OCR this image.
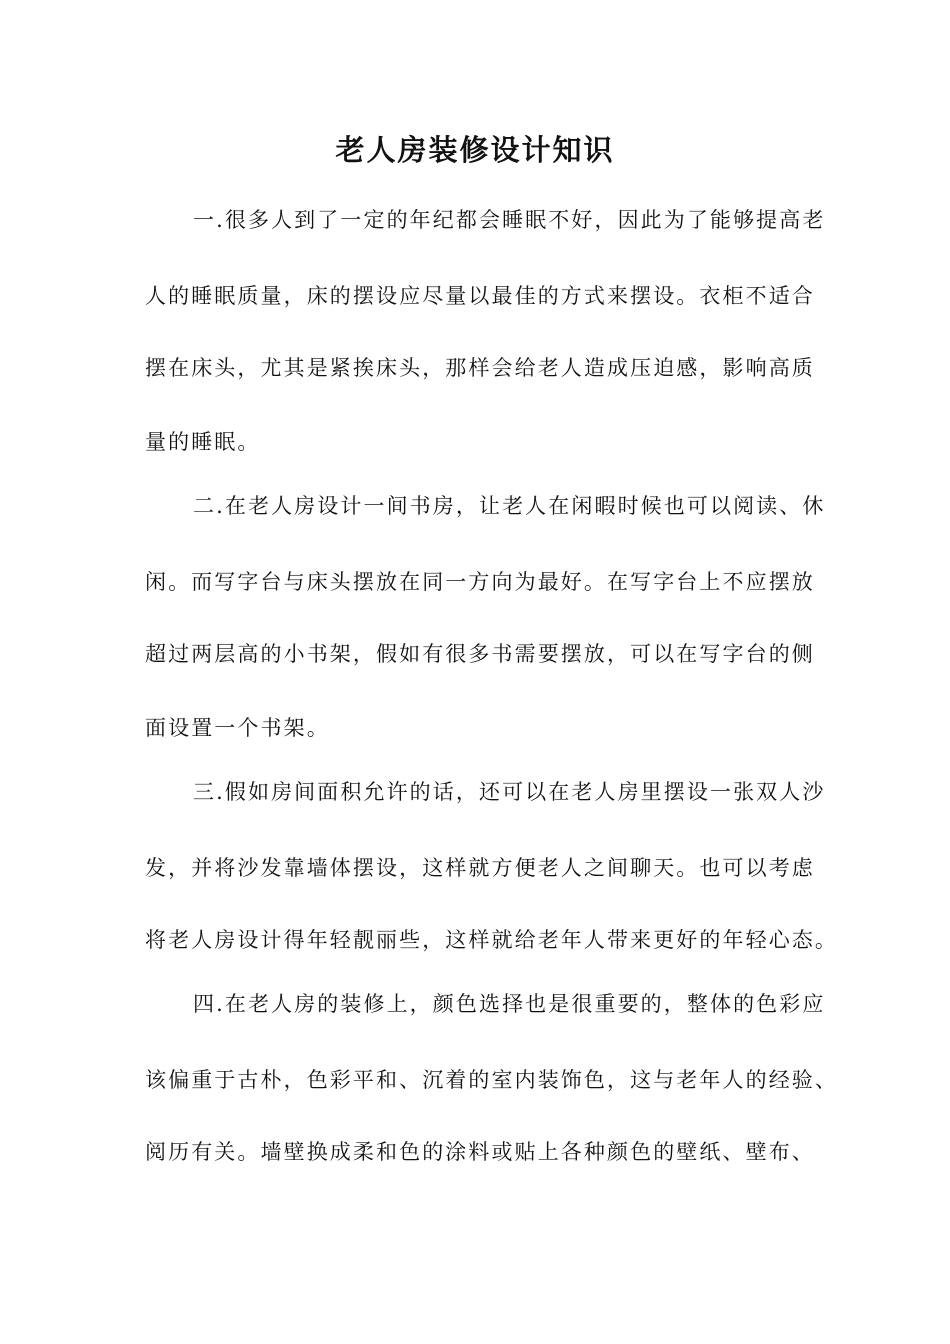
老人房装修设计知识

一.很多人到了一定的年纪都会睡眠不好，因此为了能够提高老

人的睡眠质量，床的摆设应尽量以最佳的方式来摆设。衣柜不适合

摆在床头，尤其是紧挨床头，那样会给老人造成压迫感，影响高质

量的睡眠。

二.在老人房设计一间书房，让老人在闲暇时候也可以阅读、休

闲。而写字台与床头摆放在同一方向为最好。在写字台上不应摆放

超过两层高的小书架，假如有很多书需要摆放，可以在写字台的侧

面设置一个书架。

三.假如房间面积允许的话，还可以在老人房里摆设一张双人沙

发，并将沙发靠墙体摆设，这样就方便老人之间聊天。也可以考虑

将老人房设计得年轻靓丽些，这样就给老年人带来更好的年轻心态。

四.在老人房的装修上，颜色选择也是很重要的，整体的色彩应

该偏重于古朴，色彩平和、沉着的室内装饰色，这与老年人的经验、

阅历有关。墙壁换成柔和色的涂料或贴上各种颜色的壁纸、壁布、
